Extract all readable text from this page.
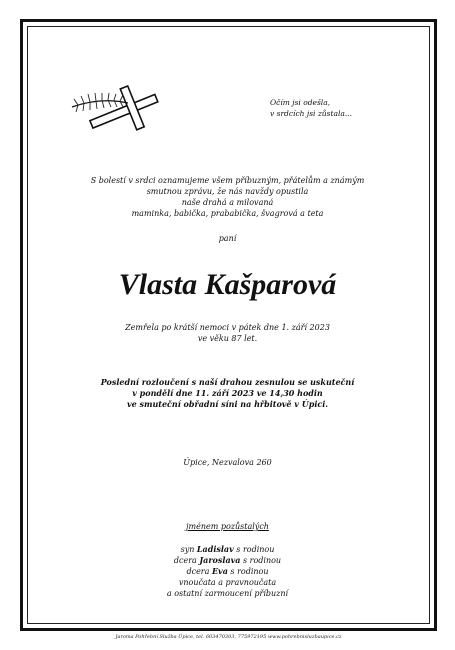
Očím jsi odešla,
v srdcích jsi zůstala...
S bolestí v srdci oznamujeme všem příbuzným, přátelům a známým
smutnou zprávu, že nás navždy opustila
naše drahá a milovaná
maminka, babička, prababička, švagrová a teta
paní
Vlasta Kašparová
Zemřela po krátší nemoci v pátek dne 1. září 2023
ve věku 87 let.
Poslední rozloučení s naší drahou zesnulou se uskuteční
v pondělí dne 11. září 2023 ve 14,30 hodin
ve smuteční obřadní síni na hřbitově v Úpici.
Úpice, Nezvalova 260
jménem pozůstalých
syn Ladislav s rodinou
dcera Jaroslava s rodinou
dcera Eva s rodinou
vnoučata a pravnoučata
a ostatní zarmoucení příbuzní
Jaroma Pohřební Služba Úpice, tel. 603470303, 775972195 www.pohrebnisluzbaupice.cz
